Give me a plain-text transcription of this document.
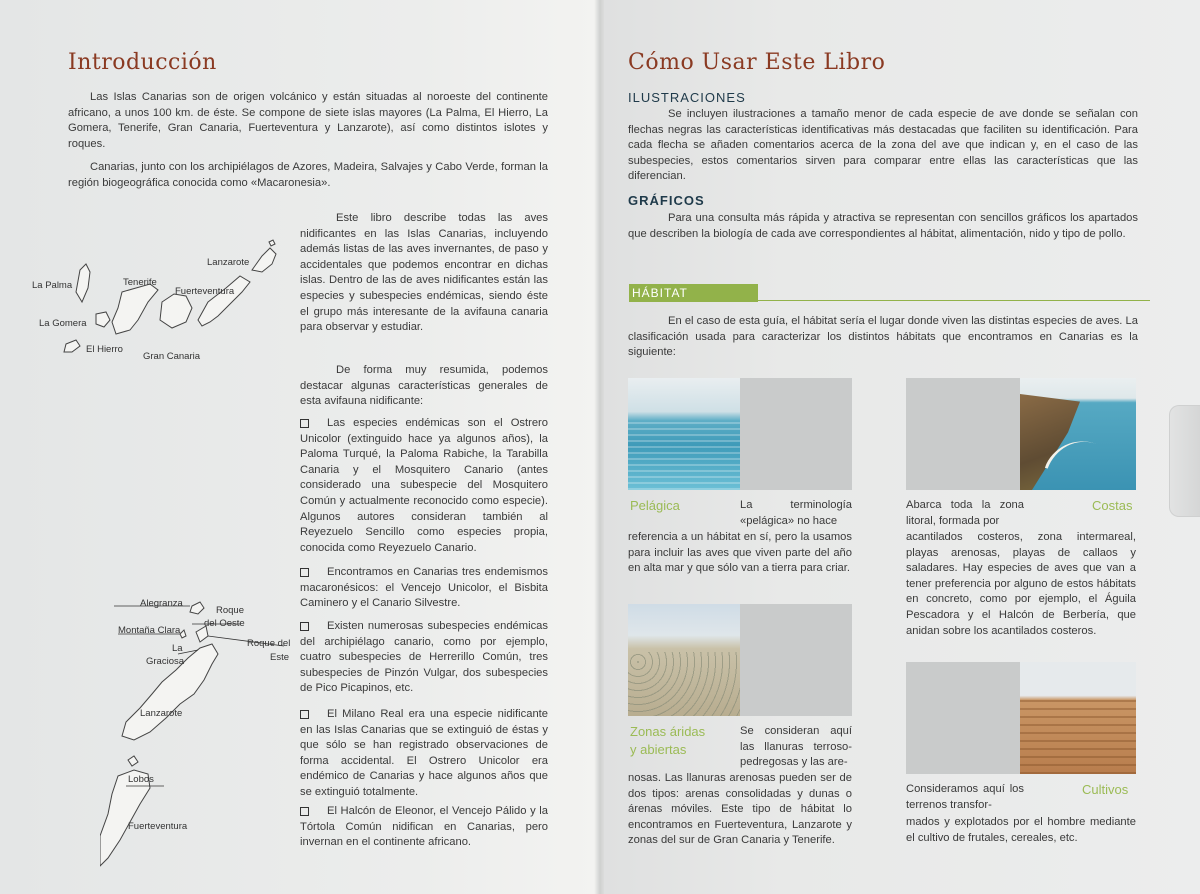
Introducción
Las Islas Canarias son de origen volcánico y están situadas al noroeste del continente africano, a unos 100 km. de éste. Se compone de siete islas mayores (La Palma, El Hierro, La Gomera, Tenerife, Gran Canaria, Fuerteventura y Lanzarote), así como distintos islotes y roques.
Canarias, junto con los archipiélagos de Azores, Madeira, Salvajes y Cabo Verde, forman la región biogeográfica conocida como «Macaronesia».
Este libro describe todas las aves nidificantes en las Islas Canarias, incluyendo además listas de las aves invernantes, de paso y accidentales que podemos encontrar en dichas islas. Dentro de las de aves nidificantes están las especies y subespecies endémicas, siendo éste el grupo más interesante de la avifauna canaria para observar y estudiar.
De forma muy resumida, podemos destacar algunas características generales de esta avifauna nidificante:
Las especies endémicas son el Ostrero Unicolor (extinguido hace ya algunos años), la Paloma Turqué, la Paloma Rabiche, la Tarabilla Canaria y el Mosquitero Canario (antes considerado una subespecie del Mosquitero Común y actualmente reconocido como especie). Algunos autores consideran también al Reyezuelo Sencillo como especies propia, conocida como Reyezuelo Canario.
Encontramos en Canarias tres endemismos macaronésicos: el Vencejo Unicolor, el Bisbita Caminero y el Canario Silvestre.
Existen numerosas subespecies endémicas del archipiélago canario, como por ejemplo, cuatro subespecies de Herrerillo Común, tres subespecies de Pinzón Vulgar, dos subespecies de Pico Picapinos, etc.
El Milano Real era una especie nidificante en las Islas Canarias que se extinguió de éstas y que sólo se han registrado observaciones de forma accidental. El Ostrero Unicolor era endémico de Canarias y hace algunos años que se extinguió totalmente.
El Halcón de Eleonor, el Vencejo Pálido y la Tórtola Común nidifican en Canarias, pero invernan en el continente africano.
La Palma	Tenerife
Lanzarote
Fuerteventura
La Gomera
El Hierro
Gran Canaria
Alegranza
Roque
del Oeste
Montaña Clara
Roque del
Este
La
Graciosa
Lanzarote
Lobos
Fuerteventura
Cómo Usar Este Libro
ILUSTRACIONES
Se incluyen ilustraciones a tamaño menor de cada especie de ave donde se señalan con flechas negras las características identificativas más destacadas que faciliten su identificación. Para cada flecha se añaden comentarios acerca de la zona del ave que indican y, en el caso de las subespecies, estos comentarios sirven para comparar entre ellas las características que las diferencian.
GRÁFICOS
Para una consulta más rápida y atractiva se representan con sencillos gráficos los apartados que describen la biología de cada ave correspondientes al hábitat, alimentación, nido y tipo de pollo.
HÁBITAT
En el caso de esta guía, el hábitat sería el lugar donde viven las distintas especies de aves. La clasificación usada para caracterizar los distintos hábitats que encontramos en Canarias es la siguiente:
Pelágica	La terminología «pelágica» no hace
referencia a un hábitat en sí, pero la usamos para incluir las aves que viven parte del año en alta mar y que sólo van a tierra para criar.
Abarca toda la zona litoral, formada por
Costas
acantilados costeros, zona intermareal, playas arenosas, playas de callaos y saladares. Hay especies de aves que van a tener preferencia por alguno de estos hábitats en concreto, como por ejemplo, el Águila Pescadora y el Halcón de Berbería, que anidan sobre los acantilados costeros.
Zonas áridas
y abiertas
Se consideran aquí las llanuras terroso-pedregosas y las are-
nosas. Las llanuras arenosas pueden ser de dos tipos: arenas consolidadas y dunas o árenas móviles. Este tipo de hábitat lo encontramos en Fuerteventura, Lanzarote y zonas del sur de Gran Canaria y Tenerife.
Consideramos aquí los terrenos transfor-
Cultivos
mados y explotados por el hombre mediante el cultivo de frutales, cereales, etc.
